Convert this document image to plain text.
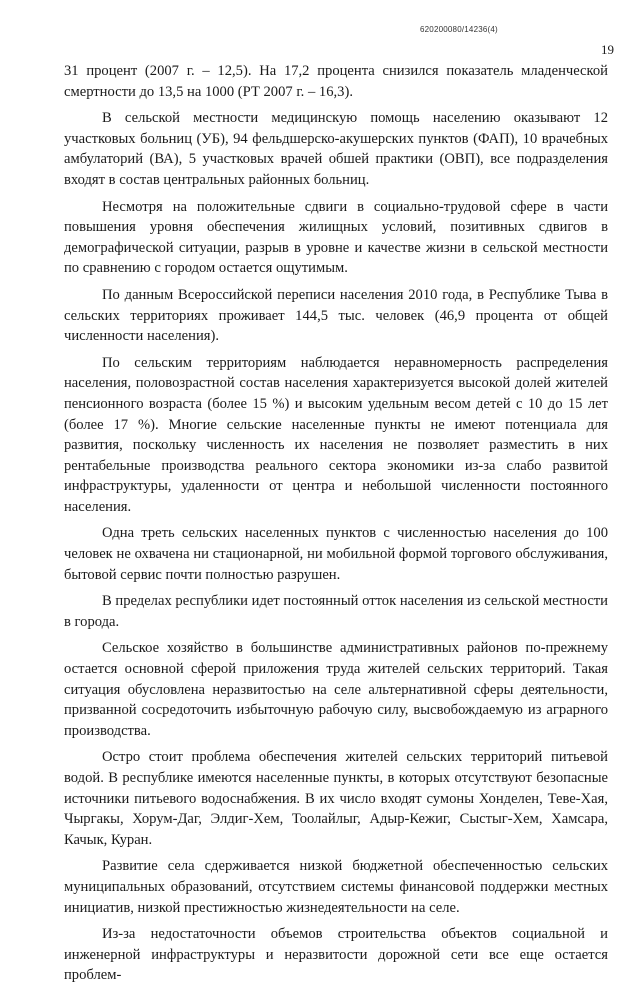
620200080/14236(4)
19

31 процент (2007 г. – 12,5). На 17,2 процента снизился показатель младенческой смертности до 13,5 на 1000 (РТ 2007 г. – 16,3).

В сельской местности медицинскую помощь населению оказывают 12 участковых больниц (УБ), 94 фельдшерско-акушерских пунктов (ФАП), 10 врачебных амбулаторий (ВА), 5 участковых врачей обшей практики (ОВП), все подразделения входят в состав центральных районных больниц.

Несмотря на положительные сдвиги в социально-трудовой сфере в части повышения уровня обеспечения жилищных условий, позитивных сдвигов в демографической ситуации, разрыв в уровне и качестве жизни в сельской местности по сравнению с городом остается ощутимым.

По данным Всероссийской переписи населения 2010 года, в Республике Тыва в сельских территориях проживает 144,5 тыс. человек (46,9 процента от общей численности населения).

По сельским территориям наблюдается неравномерность распределения населения, половозрастной состав населения характеризуется высокой долей жителей пенсионного возраста (более 15 %) и высоким удельным весом детей с 10 до 15 лет (более 17 %). Многие сельские населенные пункты не имеют потенциала для развития, поскольку численность их населения не позволяет разместить в них рентабельные производства реального сектора экономики из-за слабо развитой инфраструктуры, удаленности от центра и небольшой численности постоянного населения.

Одна треть сельских населенных пунктов с численностью населения до 100 человек не охвачена ни стационарной, ни мобильной формой торгового обслуживания, бытовой сервис почти полностью разрушен.

В пределах республики идет постоянный отток населения из сельской местности в города.

Сельское хозяйство в большинстве административных районов по-прежнему остается основной сферой приложения труда жителей сельских территорий. Такая ситуация обусловлена неразвитостью на селе альтернативной сферы деятельности, призванной сосредоточить избыточную рабочую силу, высвобождаемую из аграрного производства.

Остро стоит проблема обеспечения жителей сельских территорий питьевой водой. В республике имеются населенные пункты, в которых отсутствуют безопасные источники питьевого водоснабжения. В их число входят сумоны Хонделен, Теве-Хая, Чыргакы, Хорум-Даг, Элдиг-Хем, Тоолайлыг, Адыр-Кежиг, Сыстыг-Хем, Хамсара, Качык, Куран.

Развитие села сдерживается низкой бюджетной обеспеченностью сельских муниципальных образований, отсутствием системы финансовой поддержки местных инициатив, низкой престижностью жизнедеятельности на селе.

Из-за недостаточности объемов строительства объектов социальной и инженерной инфраструктуры и неразвитости дорожной сети все еще остается проблем-
